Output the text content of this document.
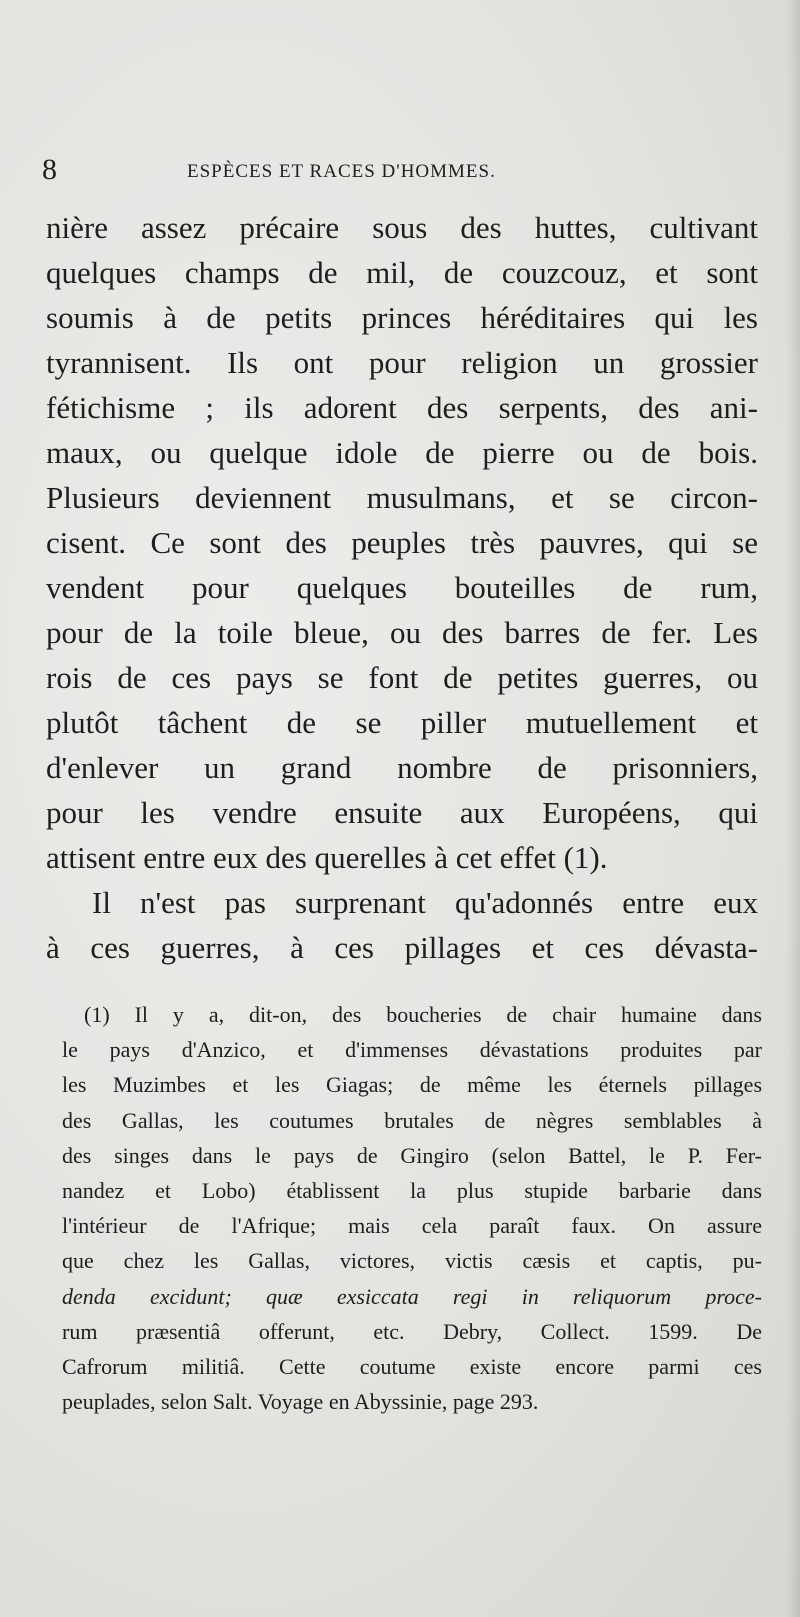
8	ESPÈCES ET RACES D'HOMMES.
nière assez précaire sous des huttes, cultivant
quelques champs de mil, de couzcouz, et sont
soumis à de petits princes héréditaires qui les
tyrannisent. Ils ont pour religion un grossier
fétichisme ; ils adorent des serpents, des ani-
maux, ou quelque idole de pierre ou de bois.
Plusieurs deviennent musulmans, et se circon-
cisent. Ce sont des peuples très pauvres, qui se
vendent pour quelques bouteilles de rum,
pour de la toile bleue, ou des barres de fer. Les
rois de ces pays se font de petites guerres, ou
plutôt tâchent de se piller mutuellement et
d'enlever un grand nombre de prisonniers,
pour les vendre ensuite aux Européens, qui
attisent entre eux des querelles à cet effet (1).
Il n'est pas surprenant qu'adonnés entre eux
à ces guerres, à ces pillages et ces dévasta-
(1) Il y a, dit-on, des boucheries de chair humaine dans
le pays d'Anzico, et d'immenses dévastations produites par
les Muzimbes et les Giagas; de même les éternels pillages
des Gallas, les coutumes brutales de nègres semblables à
des singes dans le pays de Gingiro (selon Battel, le P. Fer-
nandez et Lobo) établissent la plus stupide barbarie dans
l'intérieur de l'Afrique; mais cela paraît faux. On assure
que chez les Gallas, victores, victis cæsis et captis, pu-
denda excidunt; quæ exsiccata regi in reliquorum proce-
rum præsentiâ offerunt, etc. Debry, Collect. 1599. De
Cafrorum militiâ. Cette coutume existe encore parmi ces
peuplades, selon Salt. Voyage en Abyssinie, page 293.
